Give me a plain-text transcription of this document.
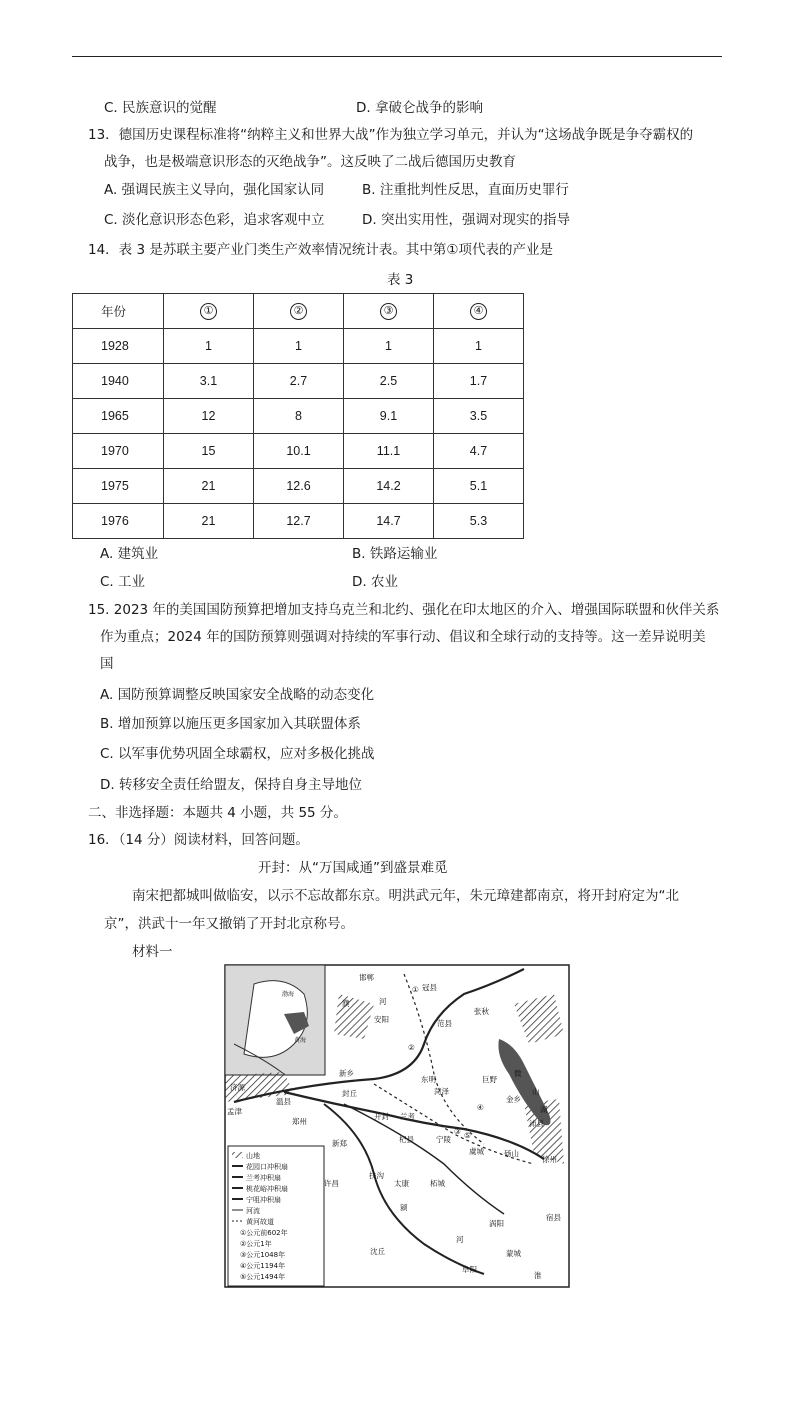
C. 民族意识的觉醒	D. 拿破仑战争的影响
13．德国历史课程标准将“纳粹主义和世界大战”作为独立学习单元，并认为“这场战争既是争夺霸权的
战争，也是极端意识形态的灭绝战争”。这反映了二战后德国历史教育
A. 强调民族主义导向，强化国家认同	B. 注重批判性反思，直面历史罪行
C. 淡化意识形态色彩，追求客观中立	D. 突出实用性，强调对现实的指导
14．表 3 是苏联主要产业门类生产效率情况统计表。其中第①项代表的产业是
表 3
年份	①	②	③	④
1928	1	1	1	1
1940	3.1	2.7	2.5	1.7
1965	12	8	9.1	3.5
1970	15	10.1	11.1	4.7
1975	21	12.6	14.2	5.1
1976	21	12.7	14.7	5.3
A. 建筑业	B. 铁路运输业
C. 工业	D. 农业
15. 2023 年的美国国防预算把增加支持乌克兰和北约、强化在印太地区的介入、增强国际联盟和伙伴关系
作为重点；2024 年的国防预算则强调对持续的军事行动、倡议和全球行动的支持等。这一差异说明美
国
A. 国防预算调整反映国家安全战略的动态变化
B. 增加预算以施压更多国家加入其联盟体系
C. 以军事优势巩固全球霸权，应对多极化挑战
D. 转移安全责任给盟友，保持自身主导地位
二、非选择题：本题共 4 小题，共 55 分。
16．（14 分）阅读材料，回答问题。
开封：从“万国咸通”到盛景难觅
南宋把都城叫做临安，以示不忘故都东京。明洪武元年，朱元璋建都南京，将开封府定为“北
京”，洪武十一年又撤销了开封北京称号。
材料一
山地
花园口冲积扇
兰考冲积扇
桃花峪冲积扇
宁咀冲积扇
河流
黄河故道
①公元前602年
②公元1年
③公元1048年
④公元1194年
⑤公元1494年
邯郸
冠县
濮	河
安阳	范县
张秋
新乡
东明
菏泽
巨野
微
山
金乡
湖
沛县
济源
温县
封丘
开封 兰考
孟津
郑州
新郑	杞县	宁陵
虞城	砀山
徐州
许昌
扶沟
太康	柘城
颍
涡阳
宿县
沈丘
河
蒙城
阜阳
淮
渤海
黄海
①
②
③
④
⑤
